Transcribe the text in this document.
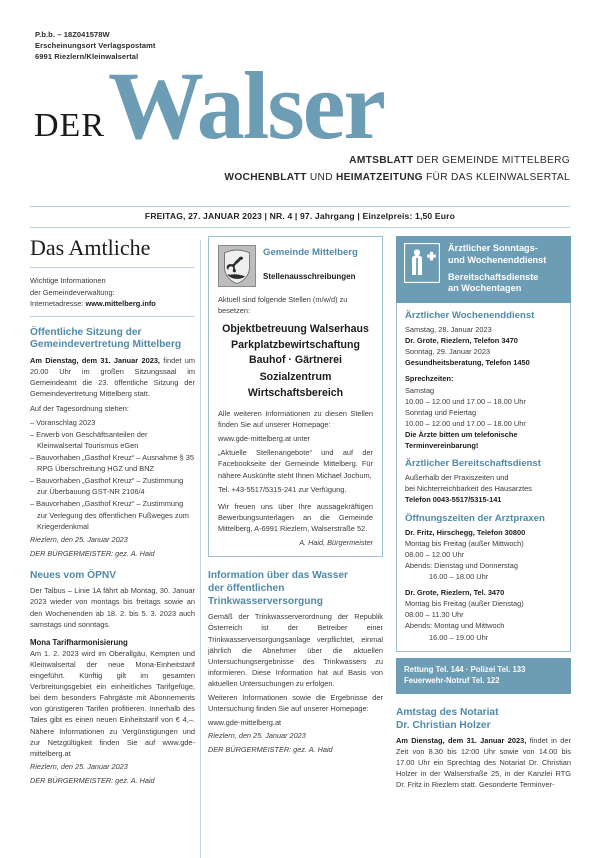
P.b.b. – 18Z041578W
Erscheinungsort Verlagspostamt
6991 Riezlern/Kleinwalsertal
DER Walser
AMTSBLATT DER GEMEINDE MITTELBERG
WOCHENBLATT UND HEIMATZEITUNG FÜR DAS KLEINWALSERTAL
FREITAG, 27. JANUAR 2023 | NR. 4 | 97. Jahrgang | Einzelpreis: 1,50 Euro
Das Amtliche
Wichtige Informationen
der Gemeindeverwaltung:
Internetadresse: www.mittelberg.info
Öffentliche Sitzung der
Gemeindevertretung Mittelberg

Am Dienstag, dem 31. Januar 2023, findet um 20.00 Uhr im großen Sitzungssaal im Gemeindeamt die 23. öffentliche Sitzung der Gemeindevertretung Mittelberg statt.

Auf der Tagesordnung stehen:

– Voranschlag 2023
– Erwerb von Geschäftsanteilen der Kleinwalsertal Tourismus eGen
– Bauvorhaben „Gasthof Kreuz“ – Ausnahme § 35 RPG Überschreitung HGZ und BNZ
– Bauvorhaben „Gasthof Kreuz“ – Zustimmung zur Überbauung GST-NR 2106/4
– Bauvorhaben „Gasthof Kreuz“ – Zustimmung zur Verlegung des öffentlichen Fußweges zum Kriegerdenkmal

Riezlern, den 25. Januar 2023

DER BÜRGERMEISTER: gez. A. Haid

Neues vom ÖPNV

Der Talbus – Linie 1A fährt ab Montag, 30. Januar 2023 wieder von montags bis freitags sowie an den Wochenenden ab 18. 2. bis 5. 3. 2023 auch samstags und sonntags.

Mona Tarifharmonisierung

Am 1. 2. 2023 wird im Oberallgäu, Kempten und Kleinwalsertal der neue Mona-Einheitstarif eingeführt. Künftig gilt im gesamten Verbreitungsgebiet ein einheitliches Tarifgefüge, bei dem besonders Fahrgäste mit Abonnements von günstigeren Tarifen profitieren. Innerhalb des Tales gibt es einen neuen Einheitstarif von € 4,–. Nähere Informationen zu Vergünstigungen und zur Netzgültigkeit finden Sie auf www.gde-mittelberg.at

Riezlern, den 25. Januar 2023

DER BÜRGERMEISTER: gez. A. Haid

Gemeinde Mittelberg
Stellenausschreibungen

Aktuell sind folgende Stellen (m/w/d) zu besetzen:

Objektbetreuung Walserhaus
Parkplatzbewirtschaftung
Bauhof · Gärtnerei
Sozialzentrum
Wirtschaftsbereich

Alle weiteren Informationen zu diesen Stellen finden Sie auf unserer Homepage:

www.gde-mittelberg.at unter

„Aktuelle Stellenangebote“ und auf der Facebookseite der Gemeinde Mittelberg. Für nähere Auskünfte steht Ihnen Michael Jochum,

Tel. +43-5517/5315-241 zur Verfügung.

Wir freuen uns über Ihre aussagekräftigen Bewerbungsunterlagen an die Gemeinde Mittelberg, A-6991 Riezlern, Walserstraße 52.

A. Haid, Bürgermeister

Information über das Wasser
der öffentlichen
Trinkwasserversorgung

Gemäß der Trinkwasserverordnung der Republik Österreich ist der Betreiber einer Trinkwasserversorgungsanlage verpflichtet, einmal jährlich die Abnehmer über die aktuellen Untersuchungsergebnisse des Trinkwassers zu informieren. Diese Information hat auf Basis von aktuellen Untersuchungen zu erfolgen.

Weiteren Informationen sowie die Ergebnisse der Untersuchung finden Sie auf unserer Homepage:

www.gde-mittelberg.at

Riezlern, den 25. Januar 2023

DER BÜRGERMEISTER: gez. A. Haid

Ärztlicher Sonntags-
und Wochenenddienst
Bereitschaftsdienste
an Wochentagen
Ärztlicher Wochenenddienst
Samstag, 28. Januar 2023
Dr. Grote, Riezlern, Telefon 3470
Sonntag, 29. Januar 2023
Gesundheitsberatung, Telefon 1450
Sprechzeiten:
Samstag
10.00 – 12.00 und 17.00 – 18.00 Uhr
Sonntag und Feiertag
10.00 – 12.00 und 17.00 – 18.00 Uhr
Die Ärzte bitten um telefonische
Terminvereinbarung!
Ärztlicher Bereitschaftsdienst
Außerhalb der Praxiszeiten und
bei Nichterreichbarkeit des Hausarztes
Telefon 0043-5517/5315-141
Öffnungszeiten der Arztpraxen
Dr. Fritz, Hirschegg, Telefon 30800
Montag bis Freitag (außer Mittwoch)
08.00 – 12.00 Uhr
Abends: Dienstag und Donnerstag
16.00 – 18.00 Uhr
Dr. Grote, Riezlern, Tel. 3470
Montag bis Freitag (außer Dienstag)
08.00 – 11.30 Uhr
Abends: Montag und Mittwoch
16.00 – 19.00 Uhr
Rettung Tel. 144 · Polizei Tel. 133
Feuerwehr-Notruf Tel. 122
Amtstag des Notariat
Dr. Christian Holzer

Am Dienstag, dem 31. Januar 2023, findet in der Zeit von 8.30 bis 12:00 Uhr sowie von 14.00 bis 17.00 Uhr ein Sprechtag des Notariat Dr. Christian Holzer in der Walserstraße 25, in der Kanzlei RTG Dr. Fritz in Riezlern statt. Gesonderte Terminver-
